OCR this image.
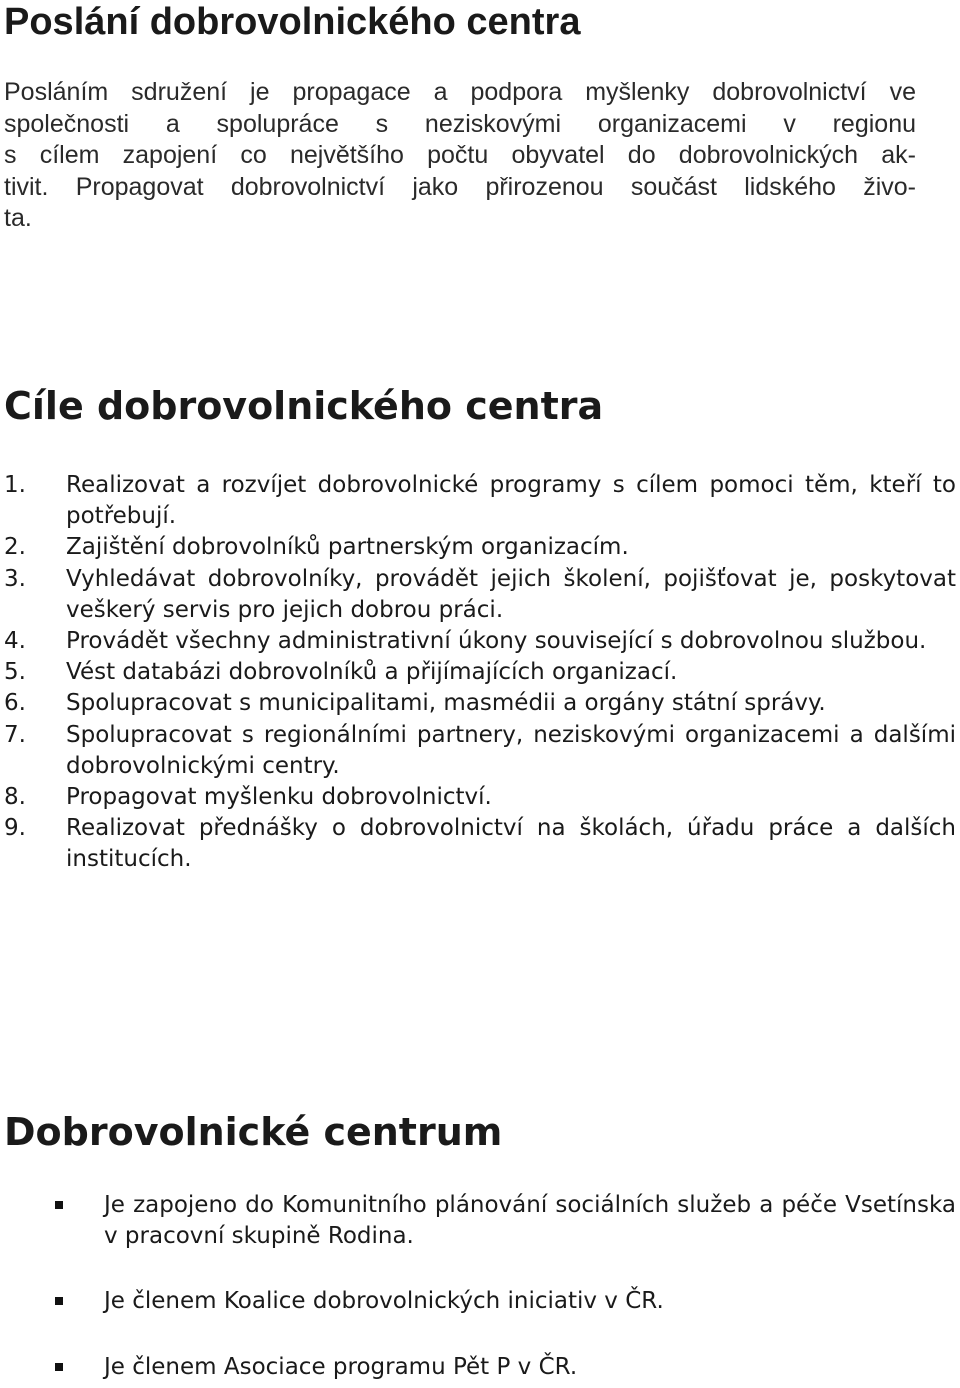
Poslání dobrovolnického centra

Posláním sdružení je propagace a podpora myšlenky dobrovolnictví ve
společnosti a spolupráce s neziskovými organizacemi v regionu
s cílem zapojení co největšího počtu obyvatel do dobrovolnických ak-
tivit. Propagovat dobrovolnictví jako přirozenou součást lidského živo-
ta.

Cíle dobrovolnického centra
1.	Realizovat a rozvíjet dobrovolnické programy s cílem pomoci těm, kteří to potřebují.
2.	Zajištění dobrovolníků partnerským organizacím.
3.	Vyhledávat dobrovolníky, provádět jejich školení, pojišťovat je, poskytovat veškerý servis pro jejich dobrou práci.
4.	Provádět všechny administrativní úkony související s dobrovolnou službou.
5.	Vést databázi dobrovolníků a přijímajících organizací.
6.	Spolupracovat s municipalitami, masmédii a orgány státní správy.
7.	Spolupracovat s regionálními partnery, neziskovými organizacemi a dalšími dobrovolnickými centry.
8.	Propagovat myšlenku dobrovolnictví.
9.	Realizovat přednášky o dobrovolnictví na školách, úřadu práce a dalších institucích.
Dobrovolnické centrum
Je zapojeno do Komunitního plánování sociálních služeb a péče Vsetínska v pracovní skupině Rodina.
Je členem Koalice dobrovolnických iniciativ v ČR.
Je členem Asociace programu Pět P v ČR.
